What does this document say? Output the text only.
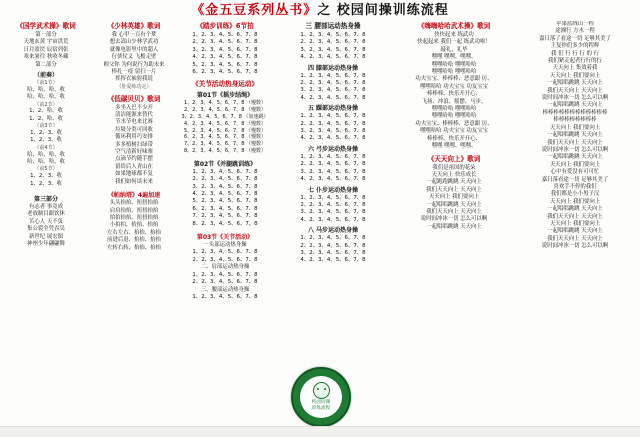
《金五豆系列丛书》之 校园间操训练流程
《国学武术操》歌词
第一部分
天地玄黄 宇宙洪荒
日月盈昃 辰宿列张
寒来暑往 秋收冬藏
第二部分
（前奏）
（前1节）
哈、哈、哈、收
哈、哈、哈、收
（前2节）
1、2、哈、收
1、2、哈、收
（前3节）
1、2、3、收
1、2、3、收
（前4节）
哈、哈、哈、收
哈、哈、哈、收
（前5节）
1、2、3、收
1、2、3、收
第三部分
有志者 事竟成
老放制目跟饮休
苦心人 天不负
集公裂全凭吞吴
新世纪 展宏图
神州少年翩翩舞
《少林英雄》歌词
我 心甲一百有个梦
想去嵩山少林学武功
就像电影里中的超人
行侠仗义 飞檐走壁
师父你 为何说行为助未来
棒扎一疫 留扫一片
挥挥衣袖射我说
（肚爱练功走）
《低碳贝贝》歌词
多坐入巴不少开
清洁能源来替代
节水节电来比赛
垃圾分类可回收
循环利用巧安排
多多植树扫绿带
空气清新好味寨
点滴节约随手摆
留给后人青山在
如果地球都不复
我们如何谈未来
《帕纳塔》4遍加速
头头抬抬、扭扭抬抬
肩肩抬抬、扭扭抬抬
拍拍抬抬、扭扭抬抬
小拍拍、抬抬、抬抬
左右左右、抬抬、抬抬
前进后退、抬抬、抬抬
左转右转、抬抬、抬抬
《踏步训练》6节拍
1、2、3、4、5、6、7、8
2、2、3、4、5、6、7、8
3、2、3、4、5、6、7、8
4、2、3、4、5、6、7、8
5、2、3、4、5、6、7、8
6、2、3、4、5、6、7、8
《关节活动热身运动》
第01节《摇步结绳》
1、2、3、4、5、6、7、8 （慢数）
2、2、3、4、5、6、7、8 （慢数）
3、2、3、4、5、6、7、8 （加速跳）
4、2、3、4、5、6、7、8 （慢数）
5、2、3、4、5、6、7、8 （慢数）
6、2、3、4、5、6、7、8 （慢数）
7、2、3、4、5、6、7、8 （慢数）
8、2、3、4、5、6、7、8 （慢数）
第02节《并腿跳训练》
1、2、3、4、5、6、7、8
2、2、3、4、5、6、7、8
3、2、3、4、5、6、7、8
4、2、3、4、5、6、7、8
5、2、3、4、5、6、7、8
6、2、3、4、5、6、7、8
7、2、3、4、5、6、7、8
8、2、3、4、5、6、7、8
第03节《关节活动》
一头部运动热身操
1、2、3、4、5、6、7、8
2、2、3、4、5、6、7、8
二、肩部运动热身操
1、2、3、4、5、6、7、8
2、2、3、4、5、6、7、8
三、腰部运动热身操
1、2、3、4、5、6、7、8
三 腰部运动热身操
1、2、3、4、5、6、7、8
2、2、3、4、5、6、7、8
3、2、3、4、5、6、7、8
4、2、3、4、5、6、7、8
四 膝部运动热身操
1、2、3、4、5、6、7、8
2、2、3、4、5、6、7、8
3、2、3、4、5、6、7、8
4、2、3、4、5、6、7、8
五 踝部运动热身操
1、2、3、4、5、6、7、8
2、2、3、4、5、6、7、8
3、2、3、4、5、6、7、8
4、2、3、4、5、6、7、8
六 弓步运动热身操
1、2、3、4、5、6、7、8
2、2、3、4、5、6、7、8
3、2、3、4、5、6、7、8
4、2、3、4、5、6、7、8
七 仆步运动热身操
1、2、3、4、5、6、7、8
2、2、3、4、5、6、7、8
3、2、3、4、5、6、7、8
4、2、3、4、5、6、7、8
八 马步运动热身操
1、2、3、4、5、6、7、8
2、2、3、4、5、6、7、8
3、2、3、4、5、6、7、8
4、2、3、4、5、6、7、8
《嗨嗨哈哈武术操》歌词
快快起来 练武功
快起起来 我们一起 练武功啦！
敲礼，礼毕
嘿嘿 嘿嘿、嘿嘿、
嘿嘿哈哈 嘿嘿哈哈
嘿嘿哈哈 嘿嘿哈哈
功夫宝宝、棒棒棒、恶意跟 厉、
嘿嘿哈哈 功夫宝宝 功友宝宝
棒棒棒、快乐开开心、
飞扬、冲浪、摇摆、马步、
嘿嘿哈哈 嘿嘿哈哈
嘿嘿哈哈 嘿嘿哈哈
功夫宝宝、棒棒棒、恶意跟 厉、
嘿嘿哈哈 功夫宝宝 功友宝宝
棒棒棒、快乐开开心、
嘿嘿 嘿嘿、嘿嘿、
《天天向上》歌词
我们是祖国的花朵
天天向上 快乐成长
一起跑跑跳跳 天天向上
我们天天向上 天天向上
天天向上 我们要向上
一起唱唱跳跳 天天向上
我们天天向上 天天向上
说时间冲冰一切 怎么可以啊
一起唱唱跳跳 天天向上
苹果蓝绒山一程
途湘行 方水一程
嘉日落了看途一切 足够其美了
王复你们多少的程辉
我 们 行 行 行 的 行
我们紧走起者行行的行
天天向上 集效着我
天天向上 我们要向上
一起唱唱跳跳 天天向上
我们天天向上 天天向上
说时间冲冰一切 怎么可以啊
一起唱唱跳跳 天天向上
棒棒棒棒棒棒棒棒棒棒棒棒
棒棒棒棒棒棒棒棒
天天向上 我们要向上
一起唱唱跳跳 天天向上
我们天天向上 天天向上
说时间冲冰一切 怎么可以啊
一起唱唱跳跳 天天向上
天天向上 我们要向上
心中有爱没有可可忙
嘉日落看途一切 足够其美了
喜欢手不停的我们
我们都是小小男子汉
天天向上 我们要向上
一起唱唱跳跳 天天向上
我们天天向上 天天向上
天天向上 我们要向上
一起唱唱跳跳 天天向上
我们天天向上 天天向上
说时间冲冰一切 怎么可以啊
校园间操
训练流程
